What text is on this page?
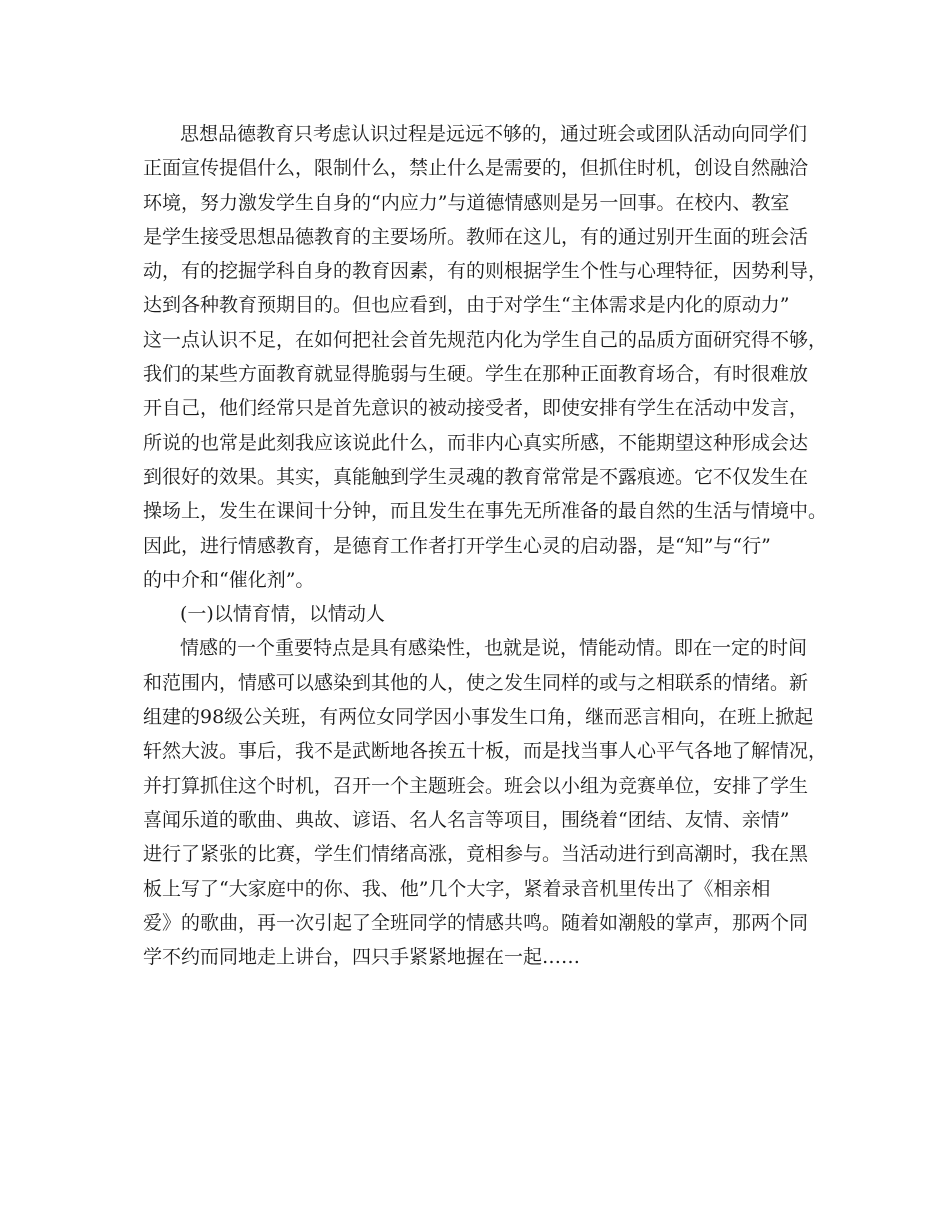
思想品德教育只考虑认识过程是远远不够的，通过班会或团队活动向同学们
正面宣传提倡什么，限制什么，禁止什么是需要的，但抓住时机，创设自然融洽
环境，努力激发学生自身的“内应力”与道德情感则是另一回事。在校内、教室
是学生接受思想品德教育的主要场所。教师在这儿，有的通过别开生面的班会活
动，有的挖掘学科自身的教育因素，有的则根据学生个性与心理特征，因势利导，
达到各种教育预期目的。但也应看到，由于对学生“主体需求是内化的原动力”
这一点认识不足，在如何把社会首先规范内化为学生自己的品质方面研究得不够，
我们的某些方面教育就显得脆弱与生硬。学生在那种正面教育场合，有时很难放
开自己，他们经常只是首先意识的被动接受者，即使安排有学生在活动中发言，
所说的也常是此刻我应该说此什么，而非内心真实所感，不能期望这种形成会达
到很好的效果。其实，真能触到学生灵魂的教育常常是不露痕迹。它不仅发生在
操场上，发生在课间十分钟，而且发生在事先无所准备的最自然的生活与情境中。
因此，进行情感教育，是德育工作者打开学生心灵的启动器，是“知”与“行”
的中介和“催化剂”。
(一)以情育情，以情动人
情感的一个重要特点是具有感染性，也就是说，情能动情。即在一定的时间
和范围内，情感可以感染到其他的人，使之发生同样的或与之相联系的情绪。新
组建的98级公关班，有两位女同学因小事发生口角，继而恶言相向，在班上掀起
轩然大波。事后，我不是武断地各挨五十板，而是找当事人心平气各地了解情况，
并打算抓住这个时机，召开一个主题班会。班会以小组为竞赛单位，安排了学生
喜闻乐道的歌曲、典故、谚语、名人名言等项目，围绕着“团结、友情、亲情”
进行了紧张的比赛，学生们情绪高涨，竟相参与。当活动进行到高潮时，我在黑
板上写了“大家庭中的你、我、他”几个大字，紧着录音机里传出了《相亲相
爱》的歌曲，再一次引起了全班同学的情感共鸣。随着如潮般的掌声，那两个同
学不约而同地走上讲台，四只手紧紧地握在一起……
